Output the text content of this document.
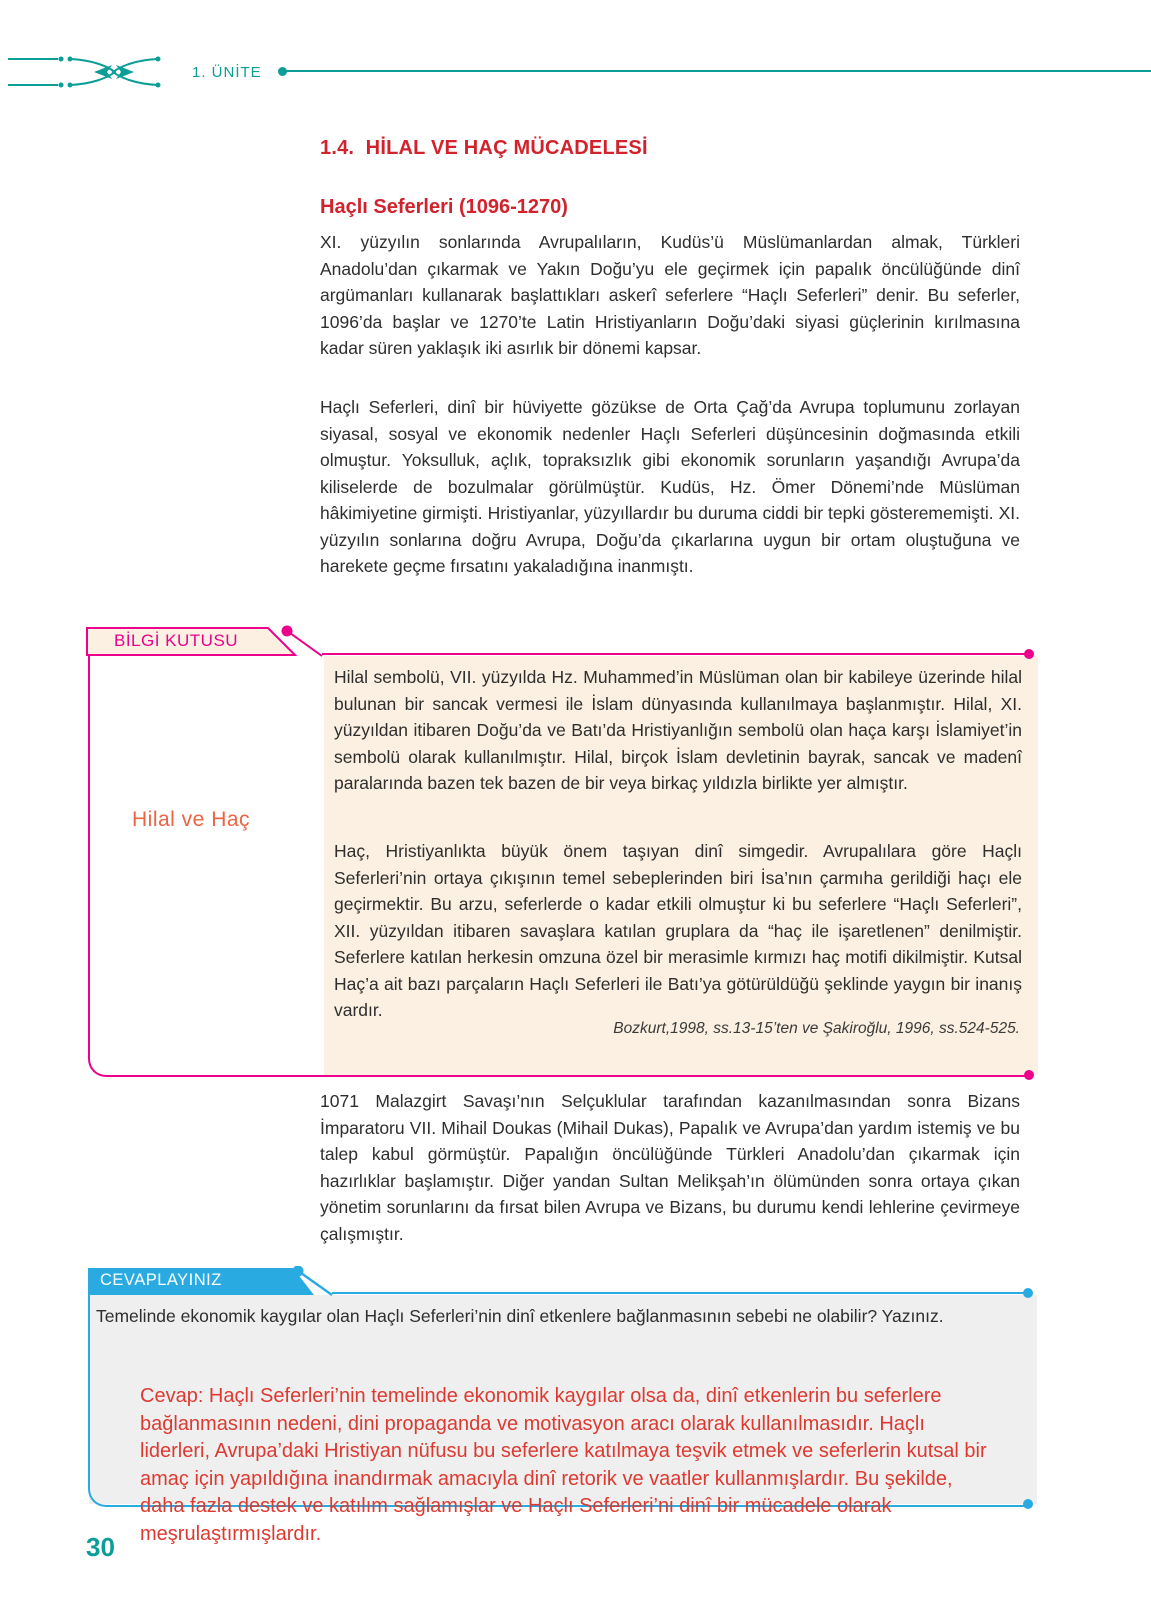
1. ÜNİTE
1.4.  HİLAL VE HAÇ MÜCADELESİ
Haçlı Seferleri (1096-1270)
XI. yüzyılın sonlarında Avrupalıların, Kudüs’ü Müslümanlardan almak, Türkleri Anadolu’dan çıkarmak ve Yakın Doğu’yu ele geçirmek için papalık öncülüğünde dinî argümanları kullanarak başlattıkları askerî seferlere “Haçlı Seferleri” denir. Bu seferler, 1096’da başlar ve 1270’te Latin Hristiyanların Doğu’daki siyasi güçlerinin kırılmasına kadar süren yaklaşık iki asırlık bir dönemi kapsar.
Haçlı Seferleri, dinî bir hüviyette gözükse de Orta Çağ’da Avrupa toplumunu zorlayan siyasal, sosyal ve ekonomik nedenler Haçlı Seferleri düşüncesinin doğmasında etkili olmuştur. Yoksulluk, açlık, topraksızlık gibi ekonomik sorunların yaşandığı Avrupa’da kiliselerde de bozulmalar görülmüştür. Kudüs, Hz. Ömer Dönemi’nde Müslüman hâkimiyetine girmişti. Hristiyanlar, yüzyıllardır bu duruma ciddi bir tepki gösterememişti. XI. yüzyılın sonlarına doğru Avrupa, Doğu’da çıkarlarına uygun bir ortam oluştuğuna ve harekete geçme fırsatını yakaladığına inanmıştı.
BİLGİ KUTUSU
Hilal ve Haç
Hilal sembolü, VII. yüzyılda Hz. Muhammed’in Müslüman olan bir kabileye üzerinde hilal bulunan bir sancak vermesi ile İslam dünyasında kullanılmaya başlanmıştır. Hilal, XI. yüzyıldan itibaren Doğu’da ve Batı’da Hristiyanlığın sembolü olan haça karşı İslamiyet’in sembolü olarak kullanılmıştır. Hilal, birçok İslam devletinin bayrak, sancak ve madenî paralarında bazen tek bazen de bir veya birkaç yıldızla birlikte yer almıştır.
Haç, Hristiyanlıkta büyük önem taşıyan dinî simgedir. Avrupalılara göre Haçlı Seferleri’nin ortaya çıkışının temel sebeplerinden biri İsa’nın çarmıha gerildiği haçı ele geçirmektir. Bu arzu, seferlerde o kadar etkili olmuştur ki bu seferlere “Haçlı Seferleri”, XII. yüzyıldan itibaren savaşlara katılan gruplara da “haç ile işaretlenen” denilmiştir. Seferlere katılan herkesin omzuna özel bir merasimle kırmızı haç motifi dikilmiştir. Kutsal Haç’a ait bazı parçaların Haçlı Seferleri ile Batı’ya götürüldüğü şeklinde yaygın bir inanış vardır.
Bozkurt,1998, ss.13-15’ten ve Şakiroğlu, 1996, ss.524-525.
1071 Malazgirt Savaşı’nın Selçuklular tarafından kazanılmasından sonra Bizans İmparatoru VII. Mihail Doukas (Mihail Dukas), Papalık ve Avrupa’dan yardım istemiş ve bu talep kabul görmüştür. Papalığın öncülüğünde Türkleri Anadolu’dan çıkarmak için hazırlıklar başlamıştır. Diğer yandan Sultan Melikşah’ın ölümünden sonra ortaya çıkan yönetim sorunlarını da fırsat bilen Avrupa ve Bizans, bu durumu kendi lehlerine çevirmeye çalışmıştır.
CEVAPLAYINIZ
Temelinde ekonomik kaygılar olan Haçlı Seferleri’nin dinî etkenlere bağlanmasının sebebi ne olabilir? Yazınız.
Cevap: Haçlı Seferleri’nin temelinde ekonomik kaygılar olsa da, dinî etkenlerin bu seferlere bağlanmasının nedeni, dini propaganda ve motivasyon aracı olarak kullanılmasıdır. Haçlı liderleri, Avrupa’daki Hristiyan nüfusu bu seferlere katılmaya teşvik etmek ve seferlerin kutsal bir amaç için yapıldığına inandırmak amacıyla dinî retorik ve vaatler kullanmışlardır. Bu şekilde, daha fazla destek ve katılım sağlamışlar ve Haçlı Seferleri’ni dinî bir mücadele olarak meşrulaştırmışlardır.
30
